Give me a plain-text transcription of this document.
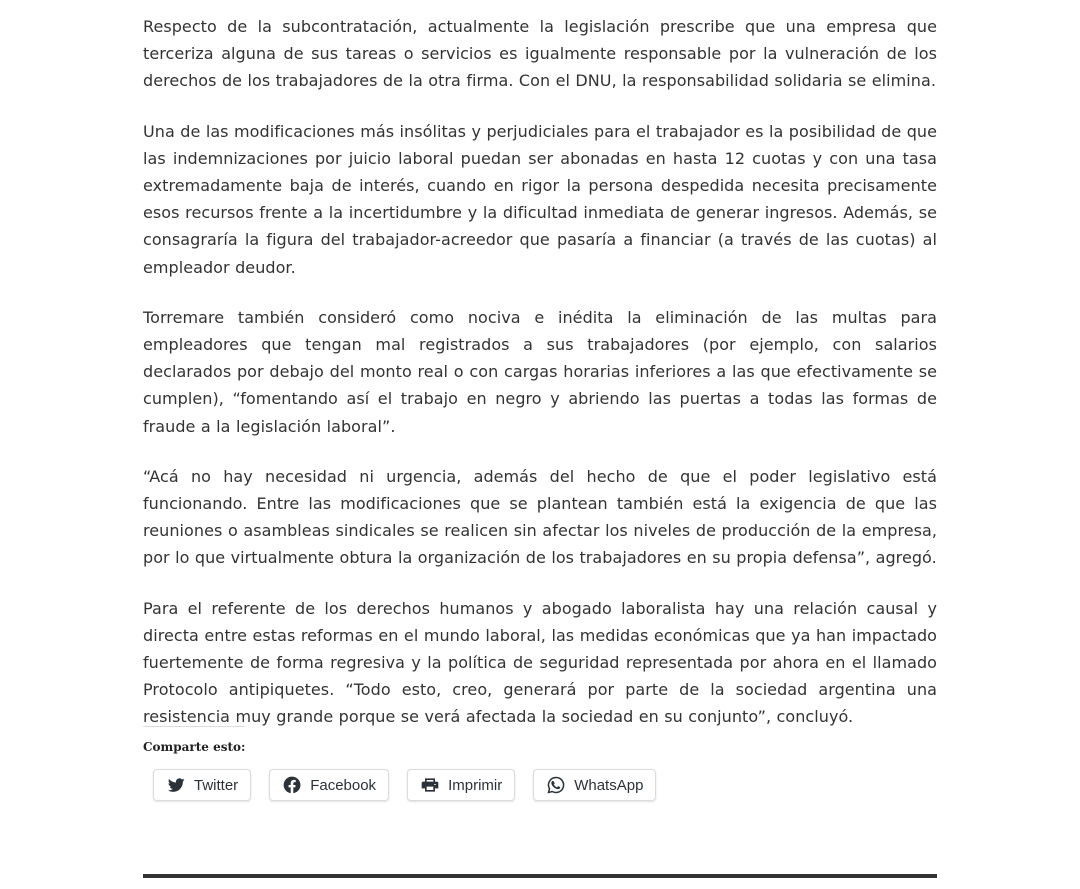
Respecto de la subcontratación, actualmente la legislación prescribe que una empresa que terceriza alguna de sus tareas o servicios es igualmente responsable por la vulneración de los derechos de los trabajadores de la otra firma. Con el DNU, la responsabilidad solidaria se elimina.

Una de las modificaciones más insólitas y perjudiciales para el trabajador es la posibilidad de que las indemnizaciones por juicio laboral puedan ser abonadas en hasta 12 cuotas y con una tasa extremadamente baja de interés, cuando en rigor la persona despedida necesita precisamente esos recursos frente a la incertidumbre y la dificultad inmediata de generar ingresos. Además, se consagraría la figura del trabajador-acreedor que pasaría a financiar (a través de las cuotas) al empleador deudor.

Torremare también consideró como nociva e inédita la eliminación de las multas para empleadores que tengan mal registrados a sus trabajadores (por ejemplo, con salarios declarados por debajo del monto real o con cargas horarias inferiores a las que efectivamente se cumplen), “fomentando así el trabajo en negro y abriendo las puertas a todas las formas de fraude a la legislación laboral”.

“Acá no hay necesidad ni urgencia, además del hecho de que el poder legislativo está funcionando. Entre las modificaciones que se plantean también está la exigencia de que las reuniones o asambleas sindicales se realicen sin afectar los niveles de producción de la empresa, por lo que virtualmente obtura la organización de los trabajadores en su propia defensa”, agregó.

Para el referente de los derechos humanos y abogado laboralista hay una relación causal y directa entre estas reformas en el mundo laboral, las medidas económicas que ya han impactado fuertemente de forma regresiva y la política de seguridad representada por ahora en el llamado Protocolo antipiquetes. “Todo esto, creo, generará por parte de la sociedad argentina una resistencia muy grande porque se verá afectada la sociedad en su conjunto”, concluyó.

Comparte esto:
Twitter	Facebook	Imprimir	WhatsApp
